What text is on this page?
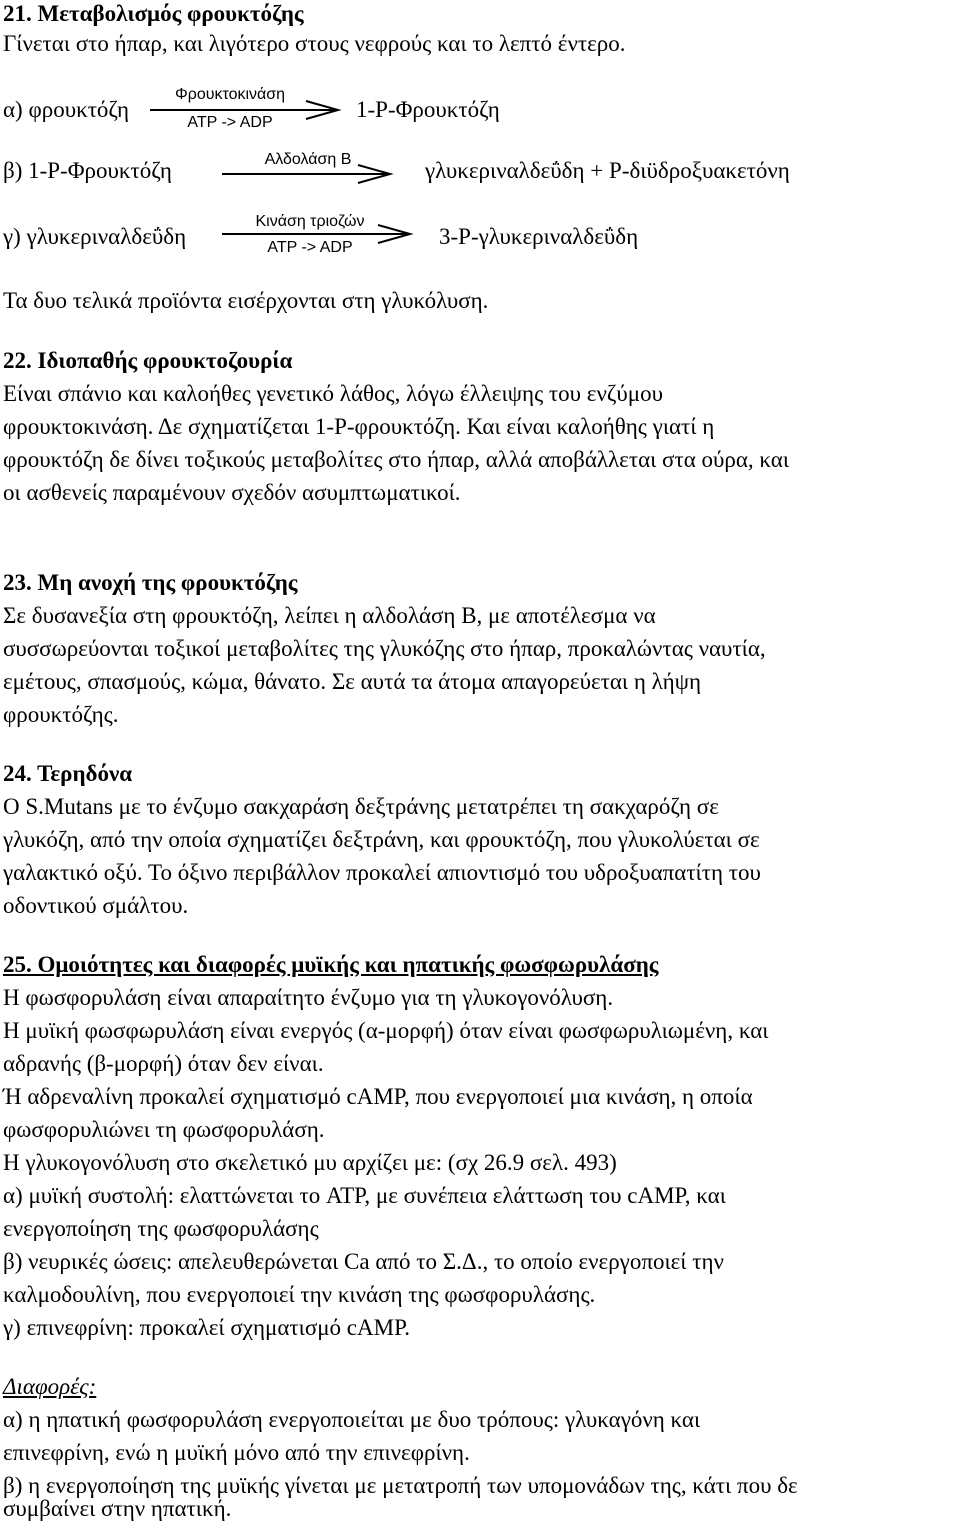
21. Μεταβολισμός φρουκτόζης
Γίνεται στο ήπαρ, και λιγότερο στους νεφρούς και το λεπτό έντερο.
α) φρουκτόζη
Φρουκτοκινάση
ATP -> ADP
1-Ρ-Φρουκτόζη
β) 1-Ρ-Φρουκτόζη	Αλδολάση Β	γλυκεριναλδεΰδη + Ρ-διϋδροξυακετόνη
γ) γλυκεριναλδεΰδη
Κινάση τριοζών
ATP -> ADP	3-Ρ-γλυκεριναλδεΰδη
Τα δυο τελικά προϊόντα εισέρχονται στη γλυκόλυση.
22. Ιδιοπαθής φρουκτοζουρία
Είναι σπάνιο και καλοήθες γενετικό λάθος, λόγω έλλειψης του ενζύμου
φρουκτοκινάση. Δε σχηματίζεται 1-Ρ-φρουκτόζη. Και είναι καλοήθης γιατί η
φρουκτόζη δε δίνει τοξικούς μεταβολίτες στο ήπαρ, αλλά αποβάλλεται στα ούρα, και
οι ασθενείς παραμένουν σχεδόν ασυμπτωματικοί.
23. Μη ανοχή της φρουκτόζης
Σε δυσανεξία στη φρουκτόζη, λείπει η αλδολάση Β, με αποτέλεσμα να
συσσωρεύονται τοξικοί μεταβολίτες της γλυκόζης στο ήπαρ, προκαλώντας ναυτία,
εμέτους, σπασμούς, κώμα, θάνατο. Σε αυτά τα άτομα απαγορεύεται η λήψη
φρουκτόζης.
24. Τερηδόνα
Ο S.Mutans με το ένζυμο σακχαράση δεξτράνης μετατρέπει τη σακχαρόζη σε
γλυκόζη, από την οποία σχηματίζει δεξτράνη, και φρουκτόζη, που γλυκολύεται σε
γαλακτικό οξύ. Το όξινο περιβάλλον προκαλεί απιοντισμό του υδροξυαπατίτη του
οδοντικού σμάλτου.
25. Ομοιότητες και διαφορές μυϊκής και ηπατικής φωσφωρυλάσης
Η φωσφορυλάση είναι απαραίτητο ένζυμο για τη γλυκογονόλυση.
Η μυϊκή φωσφωρυλάση είναι ενεργός (α-μορφή) όταν είναι φωσφωρυλιωμένη, και
αδρανής (β-μορφή) όταν δεν είναι.
Ή αδρεναλίνη προκαλεί σχηματισμό cAMP, που ενεργοποιεί μια κινάση, η οποία
φωσφορυλιώνει τη φωσφορυλάση.
Η γλυκογονόλυση στο σκελετικό μυ αρχίζει με: (σχ 26.9 σελ. 493)
α) μυϊκή συστολή: ελαττώνεται το ATP, με συνέπεια ελάττωση του cAMP, και
ενεργοποίηση της φωσφορυλάσης
β) νευρικές ώσεις: απελευθερώνεται Ca από το Σ.Δ., το οποίο ενεργοποιεί την
καλμοδουλίνη, που ενεργοποιεί την κινάση της φωσφορυλάσης.
γ) επινεφρίνη: προκαλεί σχηματισμό cAMP.
Διαφορές:
α) η ηπατική φωσφορυλάση ενεργοποιείται με δυο τρόπους: γλυκαγόνη και
επινεφρίνη, ενώ η μυϊκή μόνο από την επινεφρίνη.
β) η ενεργοποίηση της μυϊκής γίνεται με μετατροπή των υπομονάδων της, κάτι που δε
συμβαίνει στην ηπατική.
